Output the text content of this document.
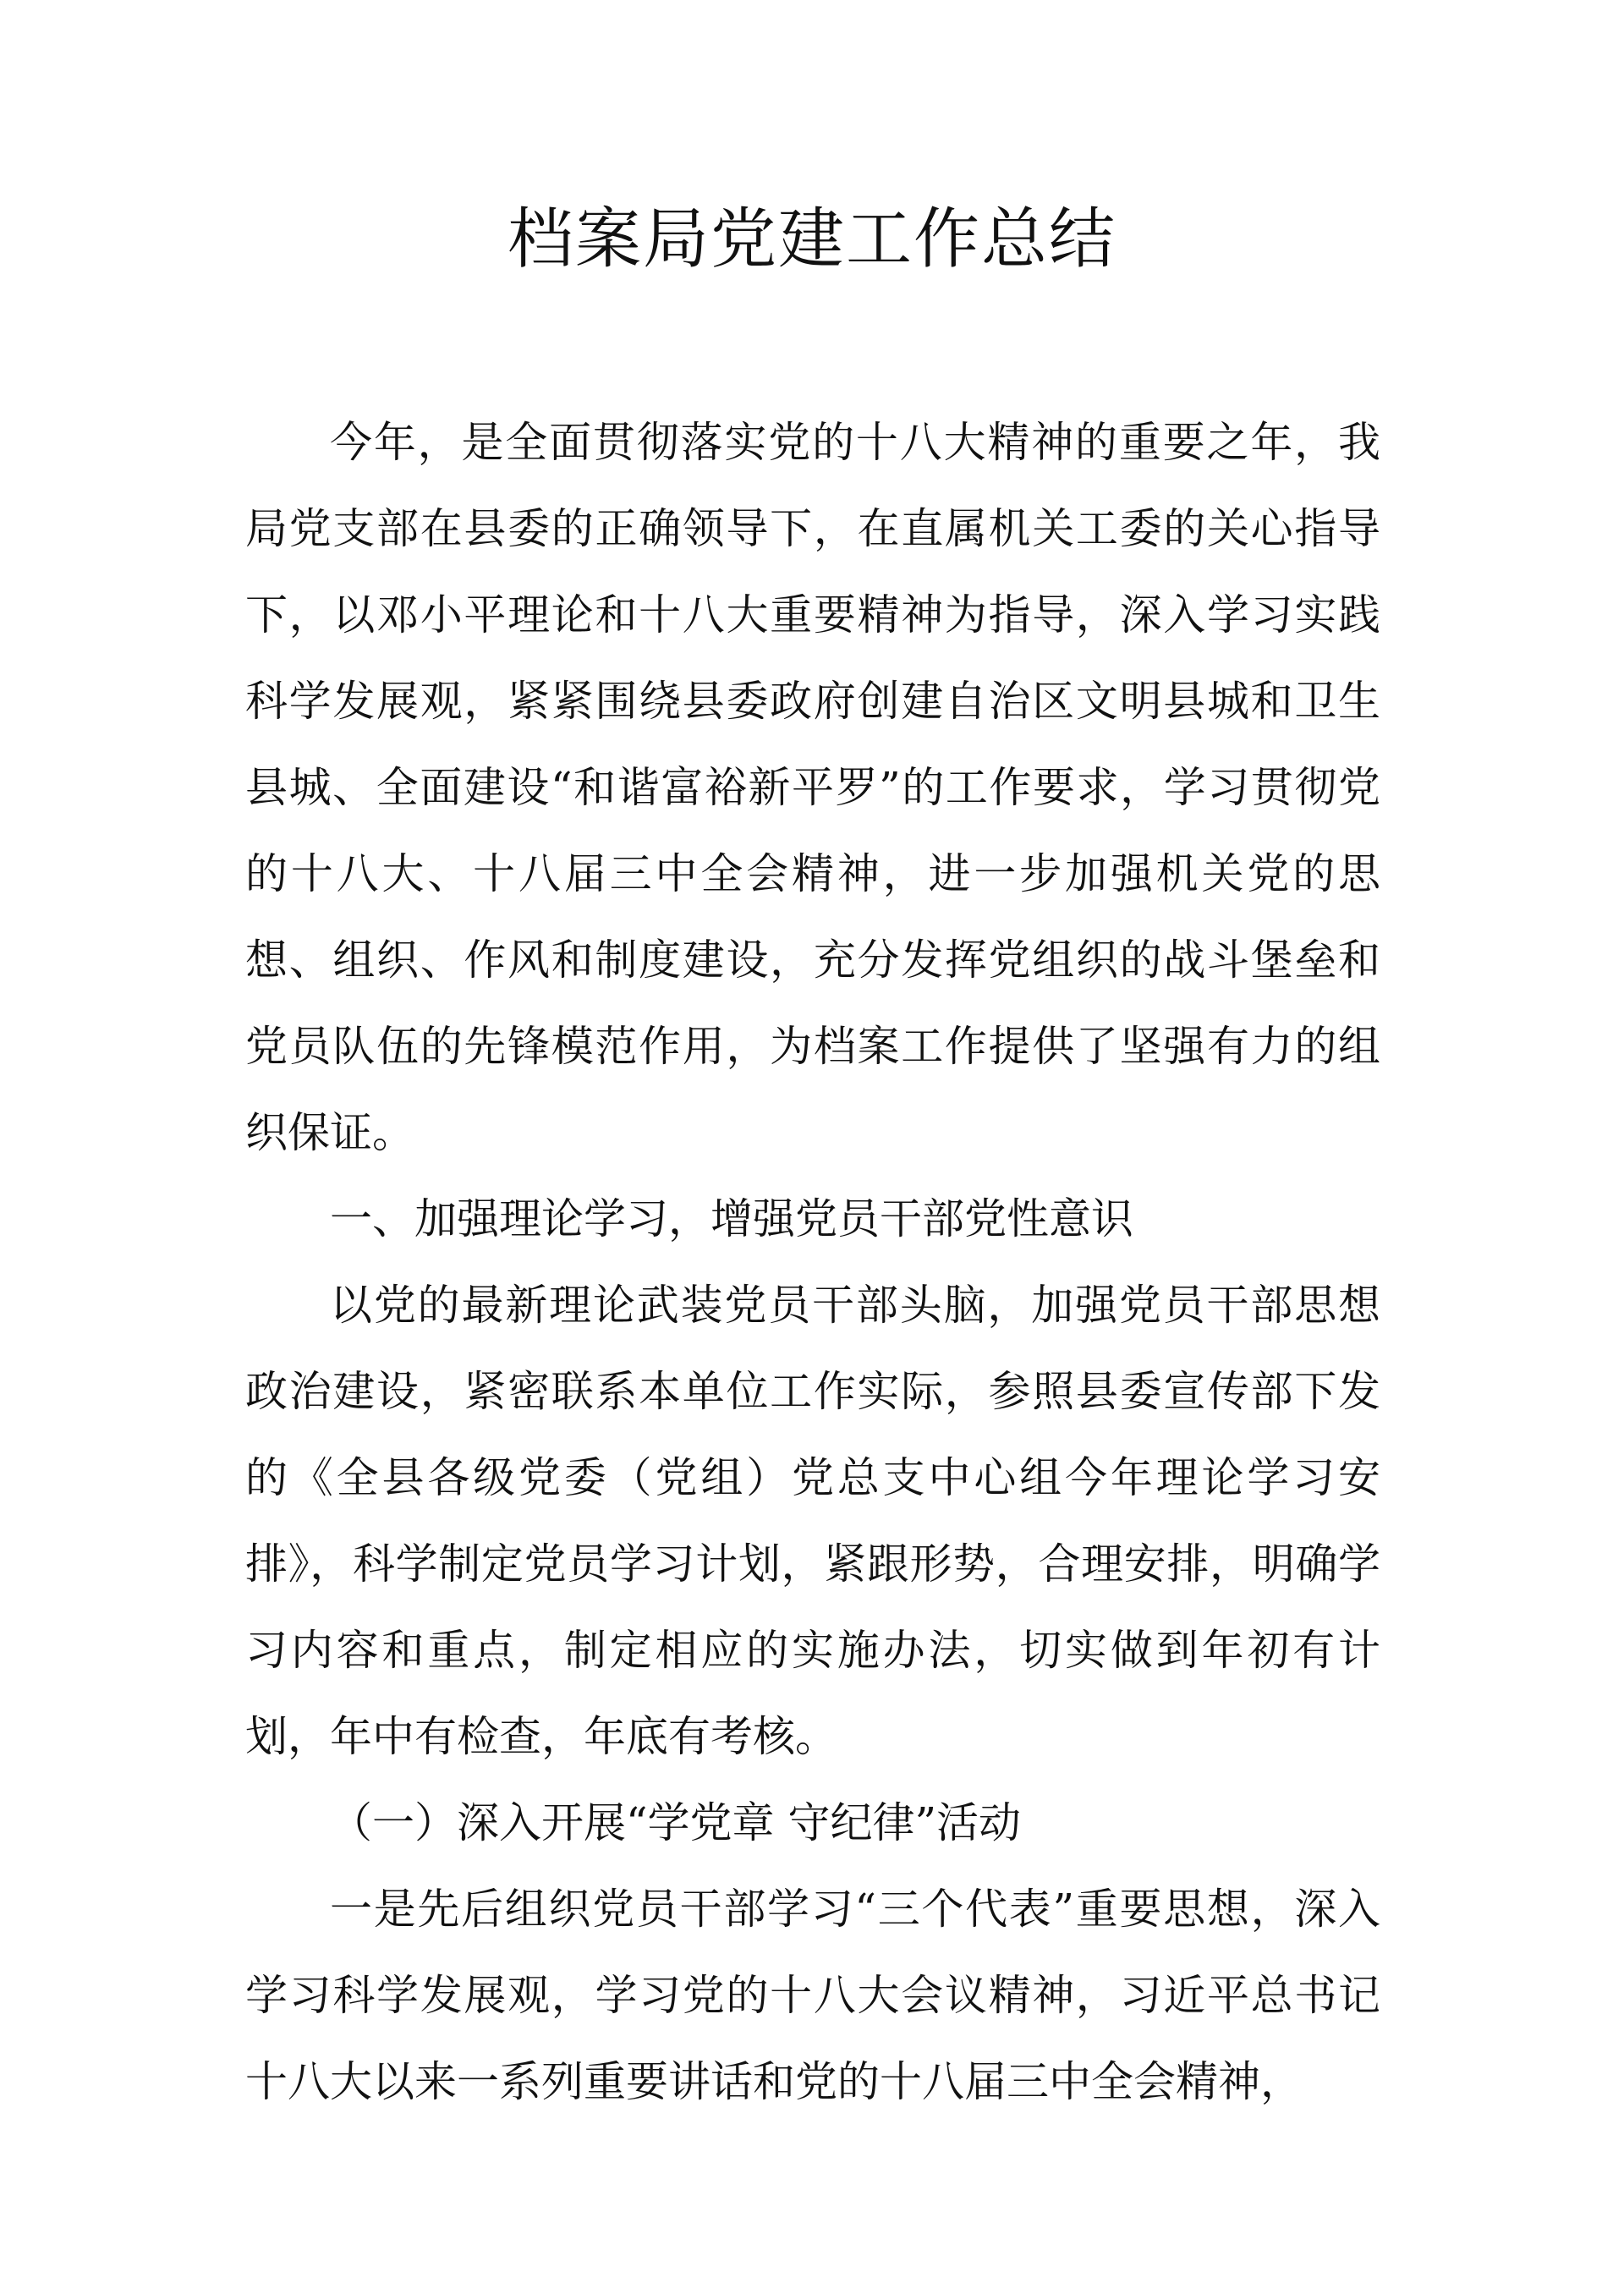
档案局党建工作总结

今年，是全面贯彻落实党的十八大精神的重要之年，我局党支部在县委的正确领导下，在直属机关工委的关心指导下，以邓小平理论和十八大重要精神为指导，深入学习实践科学发展观，紧紧围绕县委政府创建自治区文明县城和卫生县城、全面建设“和谐富裕新平罗”的工作要求，学习贯彻党的十八大、十八届三中全会精神，进一步加强机关党的思想、组织、作风和制度建设，充分发挥党组织的战斗堡垒和党员队伍的先锋模范作用，为档案工作提供了坚强有力的组织保证。

一、加强理论学习，增强党员干部党性意识

以党的最新理论武装党员干部头脑，加强党员干部思想政治建设，紧密联系本单位工作实际，参照县委宣传部下发的《全县各级党委（党组）党总支中心组今年理论学习安排》，科学制定党员学习计划，紧跟形势，合理安排，明确学习内容和重点，制定相应的实施办法，切实做到年初有计划，年中有检查，年底有考核。

（一）深入开展“学党章 守纪律”活动

一是先后组织党员干部学习“三个代表”重要思想，深入学习科学发展观，学习党的十八大会议精神，习近平总书记十八大以来一系列重要讲话和党的十八届三中全会精神，
